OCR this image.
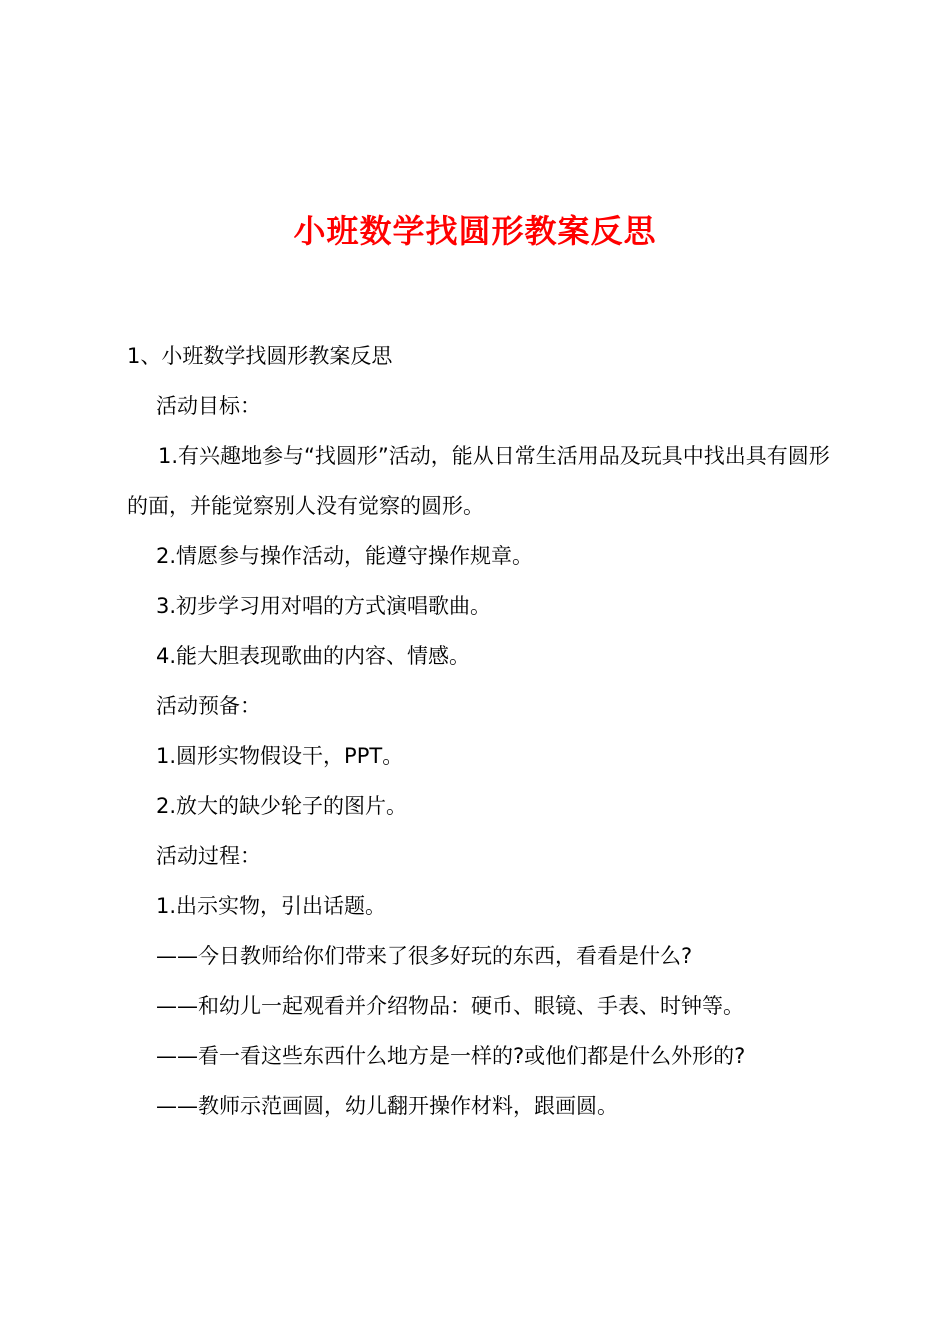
小班数学找圆形教案反思

1、小班数学找圆形教案反思

活动目标：

1.有兴趣地参与“找圆形”活动，能从日常生活用品及玩具中找出具有圆形的面，并能觉察别人没有觉察的圆形。

2.情愿参与操作活动，能遵守操作规章。

3.初步学习用对唱的方式演唱歌曲。

4.能大胆表现歌曲的内容、情感。

活动预备：

1.圆形实物假设干，PPT。

2.放大的缺少轮子的图片。

活动过程：

1.出示实物，引出话题。

——今日教师给你们带来了很多好玩的东西，看看是什么?

——和幼儿一起观看并介绍物品：硬币、眼镜、手表、时钟等。

——看一看这些东西什么地方是一样的?或他们都是什么外形的?

——教师示范画圆，幼儿翻开操作材料，跟画圆。
